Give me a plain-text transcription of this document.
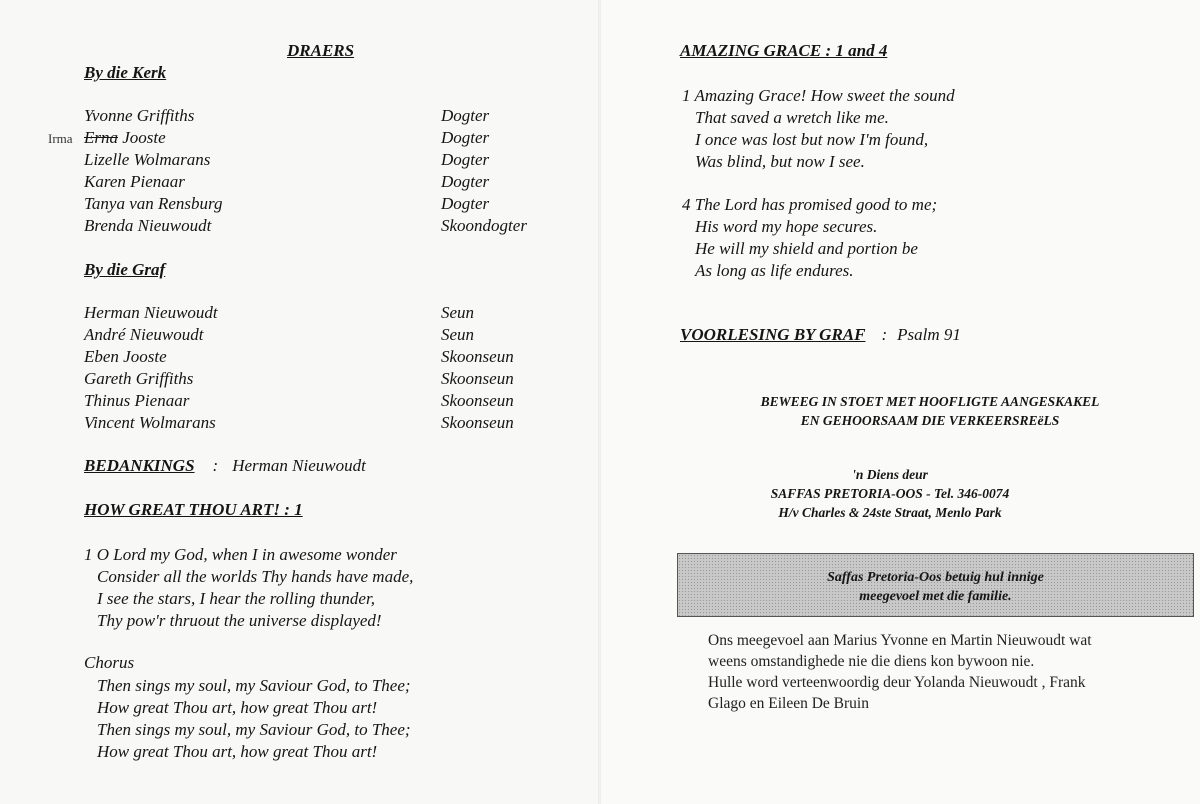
DRAERS
By die Kerk
Yvonne Griffiths	Dogter
Irma Erna Jooste	Dogter
Lizelle Wolmarans	Dogter
Karen Pienaar	Dogter
Tanya van Rensburg	Dogter
Brenda Nieuwoudt	Skoondogter
By die Graf
Herman Nieuwoudt	Seun
André Nieuwoudt	Seun
Eben Jooste	Skoonseun
Gareth Griffiths	Skoonseun
Thinus Pienaar	Skoonseun
Vincent Wolmarans	Skoonseun
BEDANKINGS : Herman Nieuwoudt
HOW GREAT THOU ART! : 1
1 O Lord my God, when I in awesome wonder
Consider all the worlds Thy hands have made,
I see the stars, I hear the rolling thunder,
Thy pow'r thruout the universe displayed!
Chorus
Then sings my soul, my Saviour God, to Thee;
How great Thou art, how great Thou art!
Then sings my soul, my Saviour God, to Thee;
How great Thou art, how great Thou art!
AMAZING GRACE : 1 and 4
1 Amazing Grace! How sweet the sound
That saved a wretch like me.
I once was lost but now I'm found,
Was blind, but now I see.
4 The Lord has promised good to me;
His word my hope secures.
He will my shield and portion be
As long as life endures.
VOORLESING BY GRAF : Psalm 91
BEWEEG IN STOET MET HOOFLIGTE AANGESKAKEL
EN GEHOORSAAM DIE VERKEERSREëLS
'n Diens deur
SAFFAS PRETORIA-OOS - Tel. 346-0074
H/v Charles & 24ste Straat, Menlo Park
Saffas Pretoria-Oos betuig hul innige
meegevoel met die familie.
Ons meegevoel aan Marius Yvonne en Martin Nieuwoudt wat
weens omstandighede nie die diens kon bywoon nie.
Hulle word verteenwoordig deur Yolanda Nieuwoudt , Frank
Glago en Eileen De Bruin
